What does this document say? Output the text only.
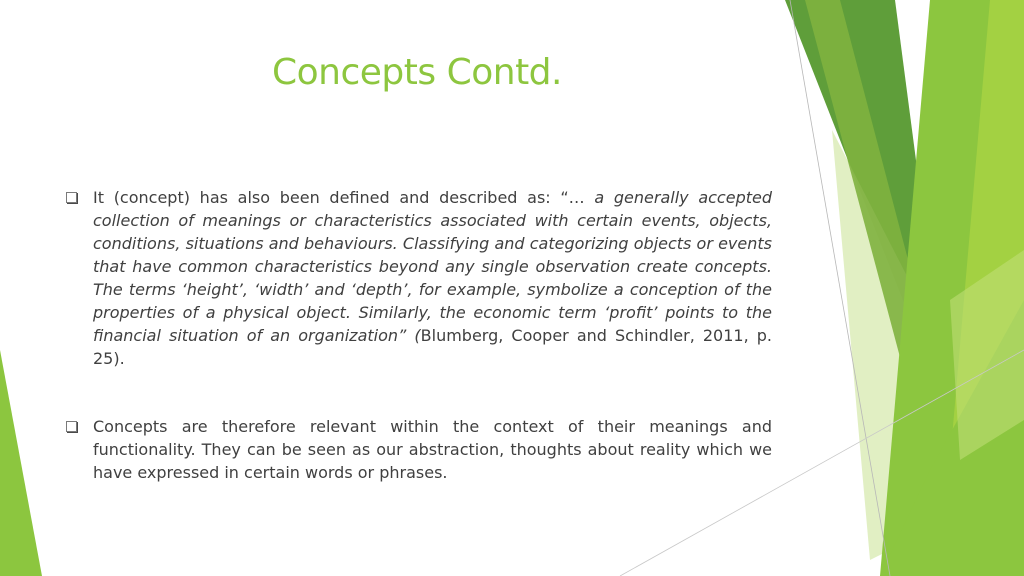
Concepts Contd.
It (concept) has also been defined and described as: “… a generally accepted collection of meanings or characteristics associated with certain events, objects, conditions, situations and behaviours. Classifying and categorizing objects or events that have common characteristics beyond any single observation create concepts. The terms ‘height’, ‘width’ and ‘depth’, for example, symbolize a conception of the properties of a physical object. Similarly, the economic term ‘profit’ points to the financial situation of an organization” (Blumberg, Cooper and Schindler, 2011, p. 25).
Concepts are therefore relevant within the context of their meanings and functionality. They can be seen as our abstraction, thoughts about reality which we have expressed in certain words or phrases.
